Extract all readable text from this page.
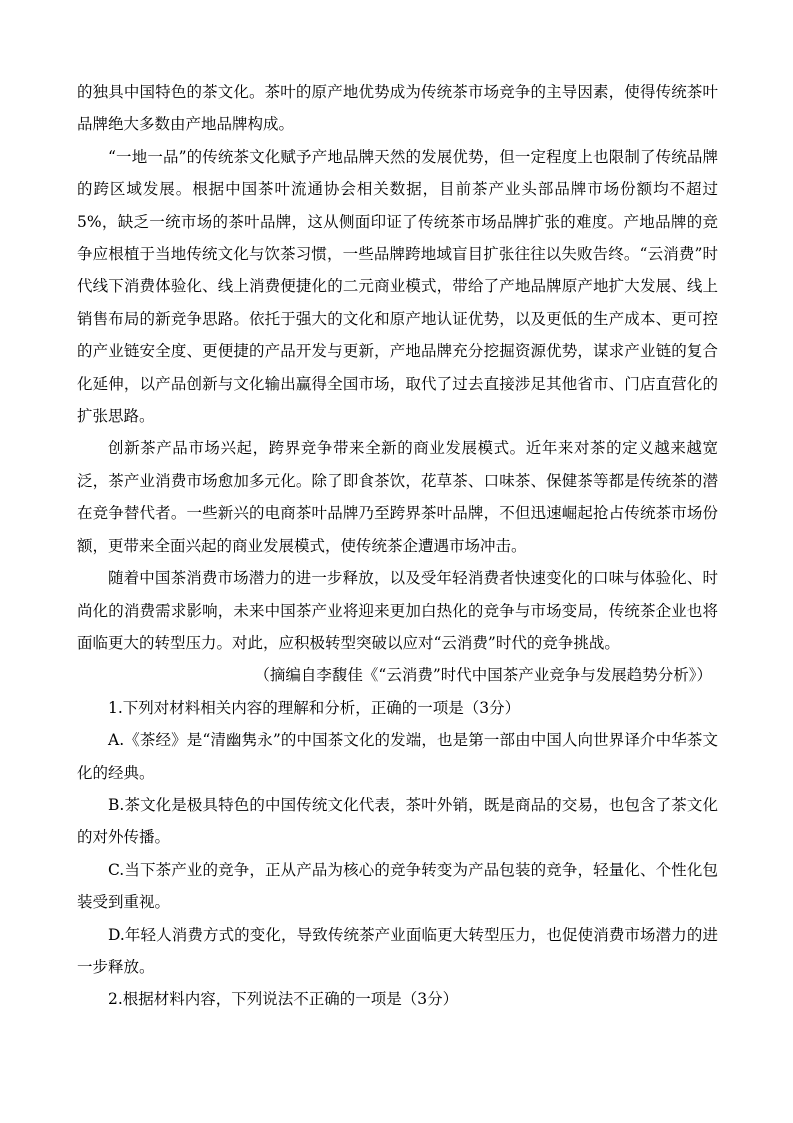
的独具中国特色的茶文化。茶叶的原产地优势成为传统茶市场竞争的主导因素，使得传统茶叶品牌绝大多数由产地品牌构成。

“一地一品”的传统茶文化赋予产地品牌天然的发展优势，但一定程度上也限制了传统品牌的跨区域发展。根据中国茶叶流通协会相关数据，目前茶产业头部品牌市场份额均不超过 5%，缺乏一统市场的茶叶品牌，这从侧面印证了传统茶市场品牌扩张的难度。产地品牌的竞争应根植于当地传统文化与饮茶习惯，一些品牌跨地域盲目扩张往往以失败告终。“云消费”时代线下消费体验化、线上消费便捷化的二元商业模式，带给了产地品牌原产地扩大发展、线上销售布局的新竞争思路。依托于强大的文化和原产地认证优势，以及更低的生产成本、更可控的产业链安全度、更便捷的产品开发与更新，产地品牌充分挖掘资源优势，谋求产业链的复合化延伸，以产品创新与文化输出赢得全国市场，取代了过去直接涉足其他省市、门店直营化的扩张思路。

创新茶产品市场兴起，跨界竞争带来全新的商业发展模式。近年来对茶的定义越来越宽泛，茶产业消费市场愈加多元化。除了即食茶饮，花草茶、口味茶、保健茶等都是传统茶的潜在竞争替代者。一些新兴的电商茶叶品牌乃至跨界茶叶品牌，不但迅速崛起抢占传统茶市场份额，更带来全面兴起的商业发展模式，使传统茶企遭遇市场冲击。

随着中国茶消费市场潜力的进一步释放，以及受年轻消费者快速变化的口味与体验化、时尚化的消费需求影响，未来中国茶产业将迎来更加白热化的竞争与市场变局，传统茶企业也将面临更大的转型压力。对此，应积极转型突破以应对“云消费”时代的竞争挑战。

（摘编自李馥佳《“云消费”时代中国茶产业竞争与发展趋势分析》）

1.下列对材料相关内容的理解和分析，正确的一项是（3分）

A.《茶经》是“清幽隽永”的中国茶文化的发端，也是第一部由中国人向世界译介中华茶文化的经典。

B.茶文化是极具特色的中国传统文化代表，茶叶外销，既是商品的交易，也包含了茶文化的对外传播。

C.当下茶产业的竞争，正从产品为核心的竞争转变为产品包装的竞争，轻量化、个性化包装受到重视。

D.年轻人消费方式的变化，导致传统茶产业面临更大转型压力，也促使消费市场潜力的进一步释放。

2.根据材料内容，下列说法不正确的一项是（3分）
